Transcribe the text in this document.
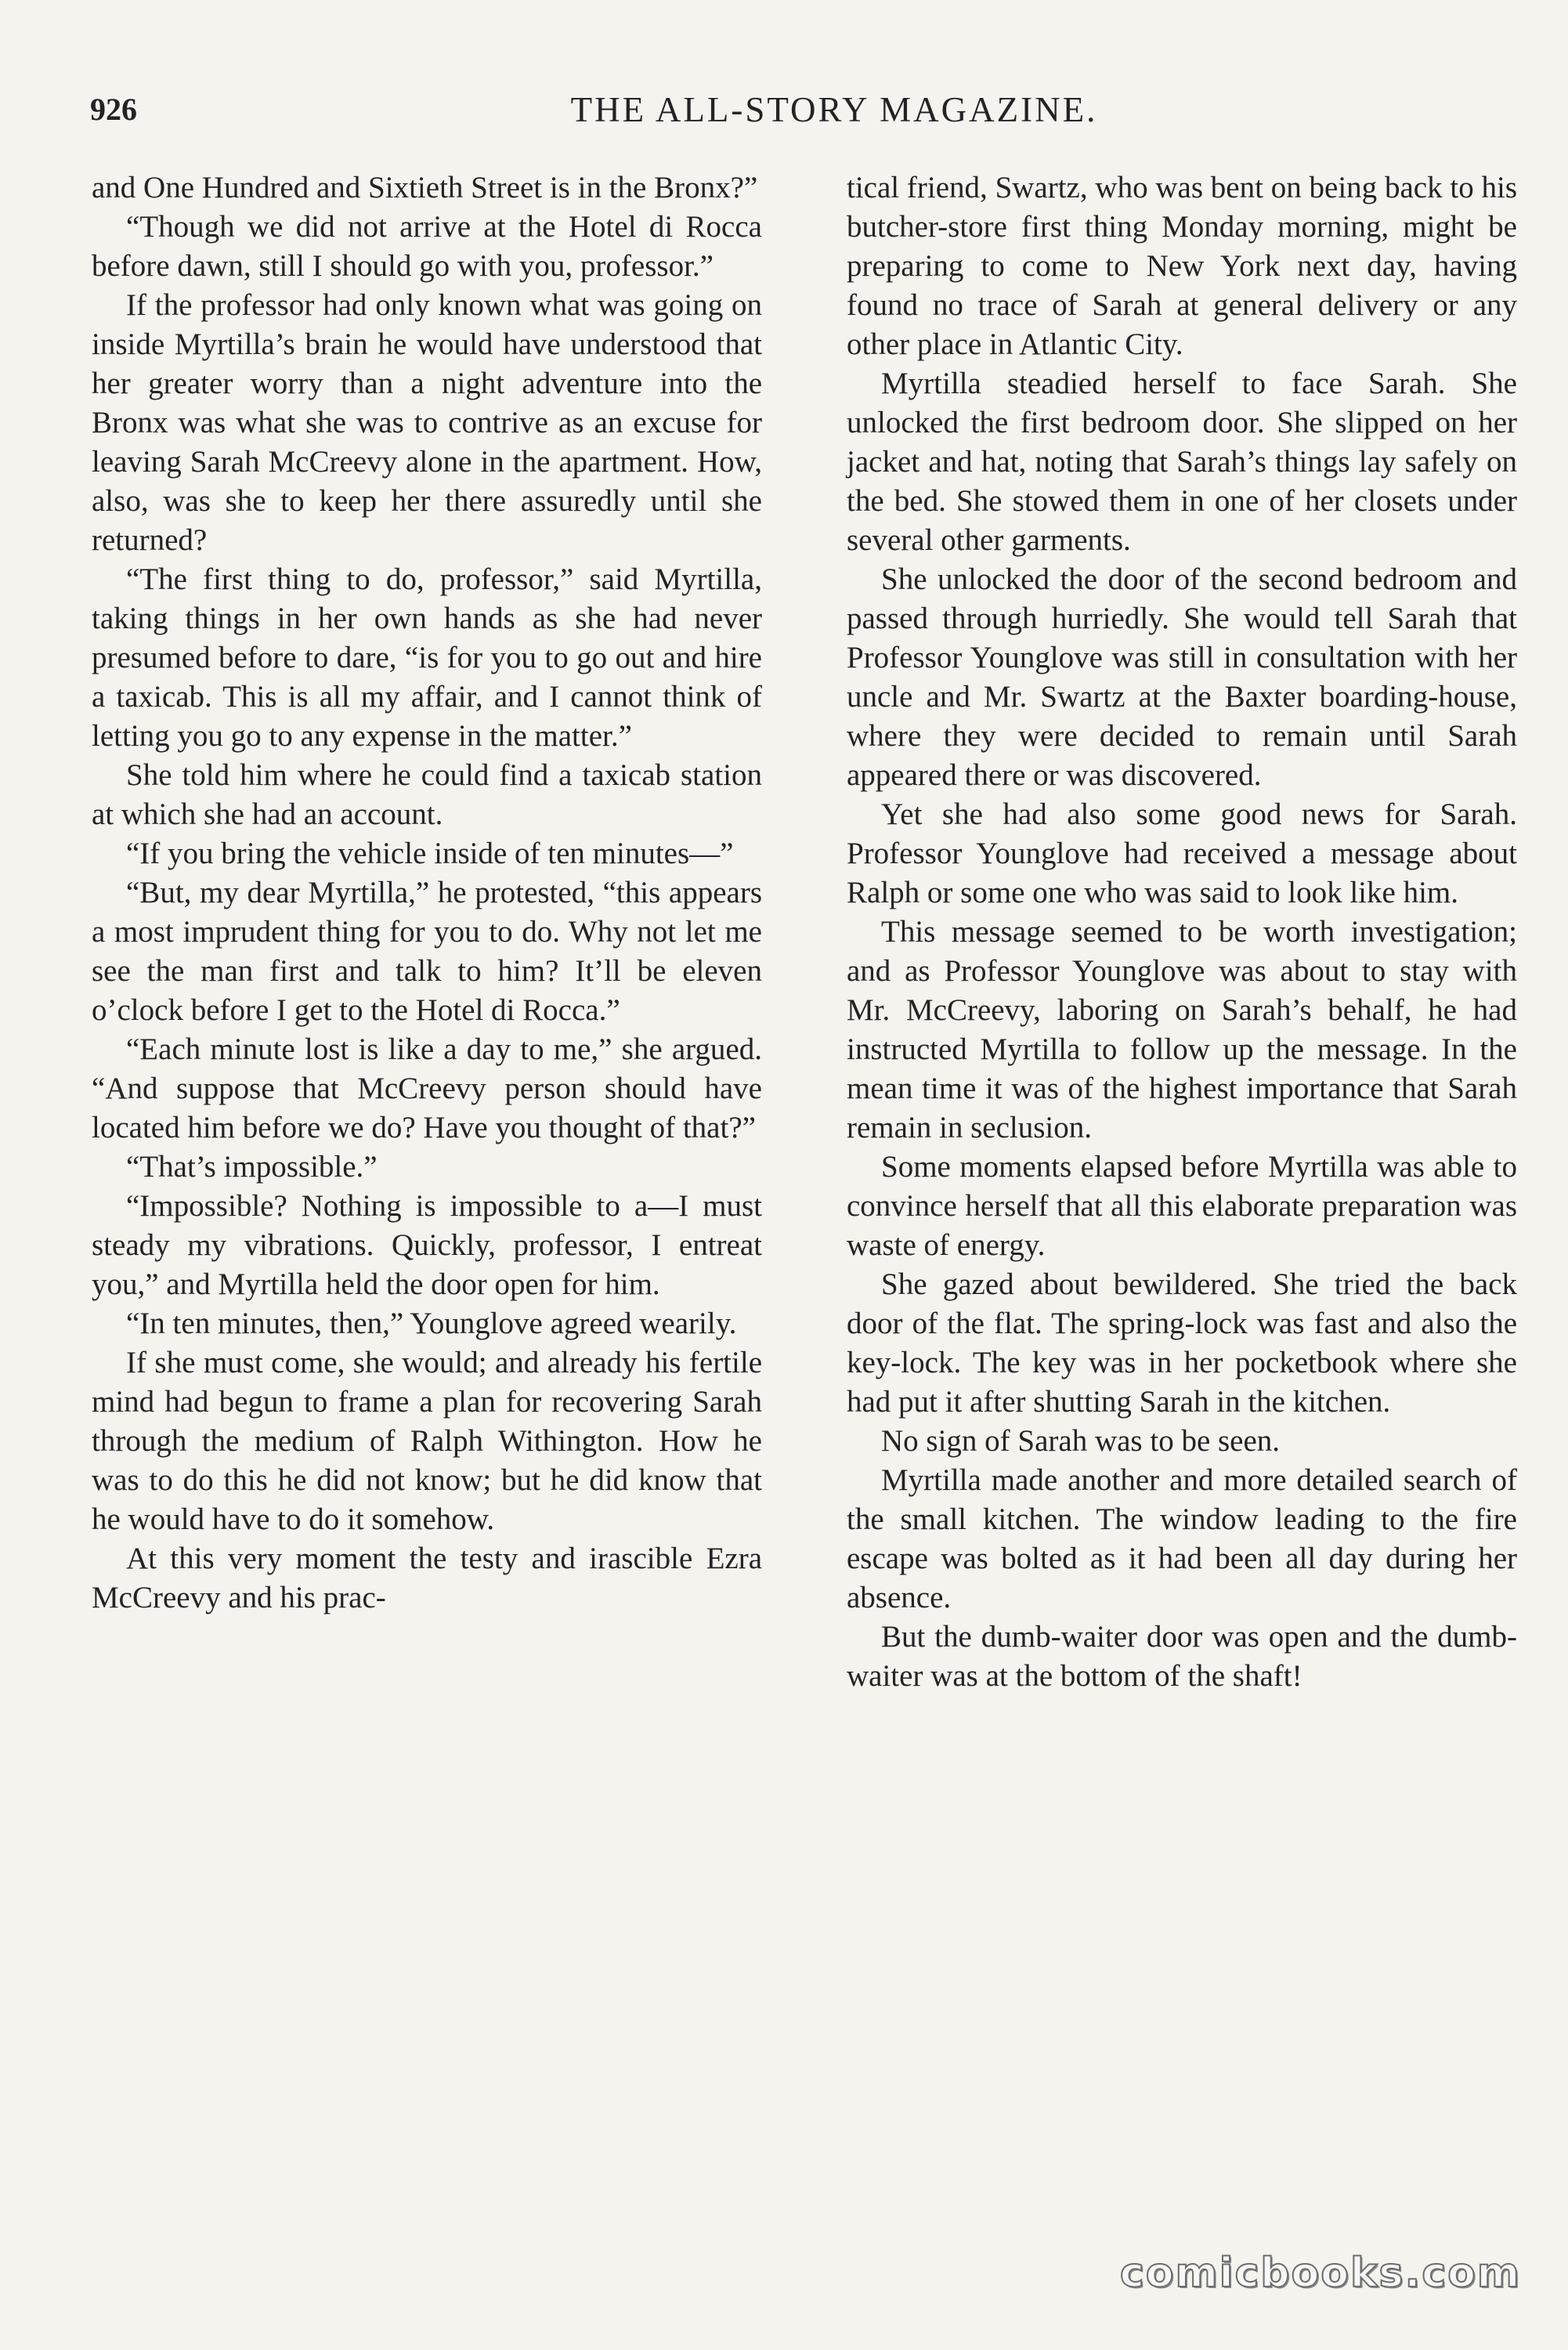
926	THE ALL-STORY MAGAZINE.

and One Hundred and Sixtieth Street is in the Bronx?”

“Though we did not arrive at the Hotel di Rocca before dawn, still I should go with you, professor.”

If the professor had only known what was going on inside Myrtilla’s brain he would have understood that her greater worry than a night adventure into the Bronx was what she was to contrive as an excuse for leaving Sarah McCreevy alone in the apartment. How, also, was she to keep her there assuredly until she returned?

“The first thing to do, professor,” said Myrtilla, taking things in her own hands as she had never presumed before to dare, “is for you to go out and hire a taxicab. This is all my affair, and I cannot think of letting you go to any expense in the matter.”

She told him where he could find a taxicab station at which she had an account.

“If you bring the vehicle inside of ten minutes—”

“But, my dear Myrtilla,” he protested, “this appears a most imprudent thing for you to do. Why not let me see the man first and talk to him? It’ll be eleven o’clock before I get to the Hotel di Rocca.”

“Each minute lost is like a day to me,” she argued. “And suppose that McCreevy person should have located him before we do? Have you thought of that?”

“That’s impossible.”

“Impossible? Nothing is impossible to a—I must steady my vibrations. Quickly, professor, I entreat you,” and Myrtilla held the door open for him.

“In ten minutes, then,” Younglove agreed wearily.

If she must come, she would; and already his fertile mind had begun to frame a plan for recovering Sarah through the medium of Ralph Withington. How he was to do this he did not know; but he did know that he would have to do it somehow.

At this very moment the testy and irascible Ezra McCreevy and his prac-

tical friend, Swartz, who was bent on being back to his butcher-store first thing Monday morning, might be preparing to come to New York next day, having found no trace of Sarah at general delivery or any other place in Atlantic City.

Myrtilla steadied herself to face Sarah. She unlocked the first bedroom door. She slipped on her jacket and hat, noting that Sarah’s things lay safely on the bed. She stowed them in one of her closets under several other garments.

She unlocked the door of the second bedroom and passed through hurriedly. She would tell Sarah that Professor Younglove was still in consultation with her uncle and Mr. Swartz at the Baxter boarding-house, where they were decided to remain until Sarah appeared there or was discovered.

Yet she had also some good news for Sarah. Professor Younglove had received a message about Ralph or some one who was said to look like him.

This message seemed to be worth investigation; and as Professor Younglove was about to stay with Mr. McCreevy, laboring on Sarah’s behalf, he had instructed Myrtilla to follow up the message. In the mean time it was of the highest importance that Sarah remain in seclusion.

Some moments elapsed before Myrtilla was able to convince herself that all this elaborate preparation was waste of energy.

She gazed about bewildered. She tried the back door of the flat. The spring-lock was fast and also the key-lock. The key was in her pocketbook where she had put it after shutting Sarah in the kitchen.

No sign of Sarah was to be seen.

Myrtilla made another and more detailed search of the small kitchen. The window leading to the fire escape was bolted as it had been all day during her absence.

But the dumb-waiter door was open and the dumb-waiter was at the bottom of the shaft!

comicbooks.com
